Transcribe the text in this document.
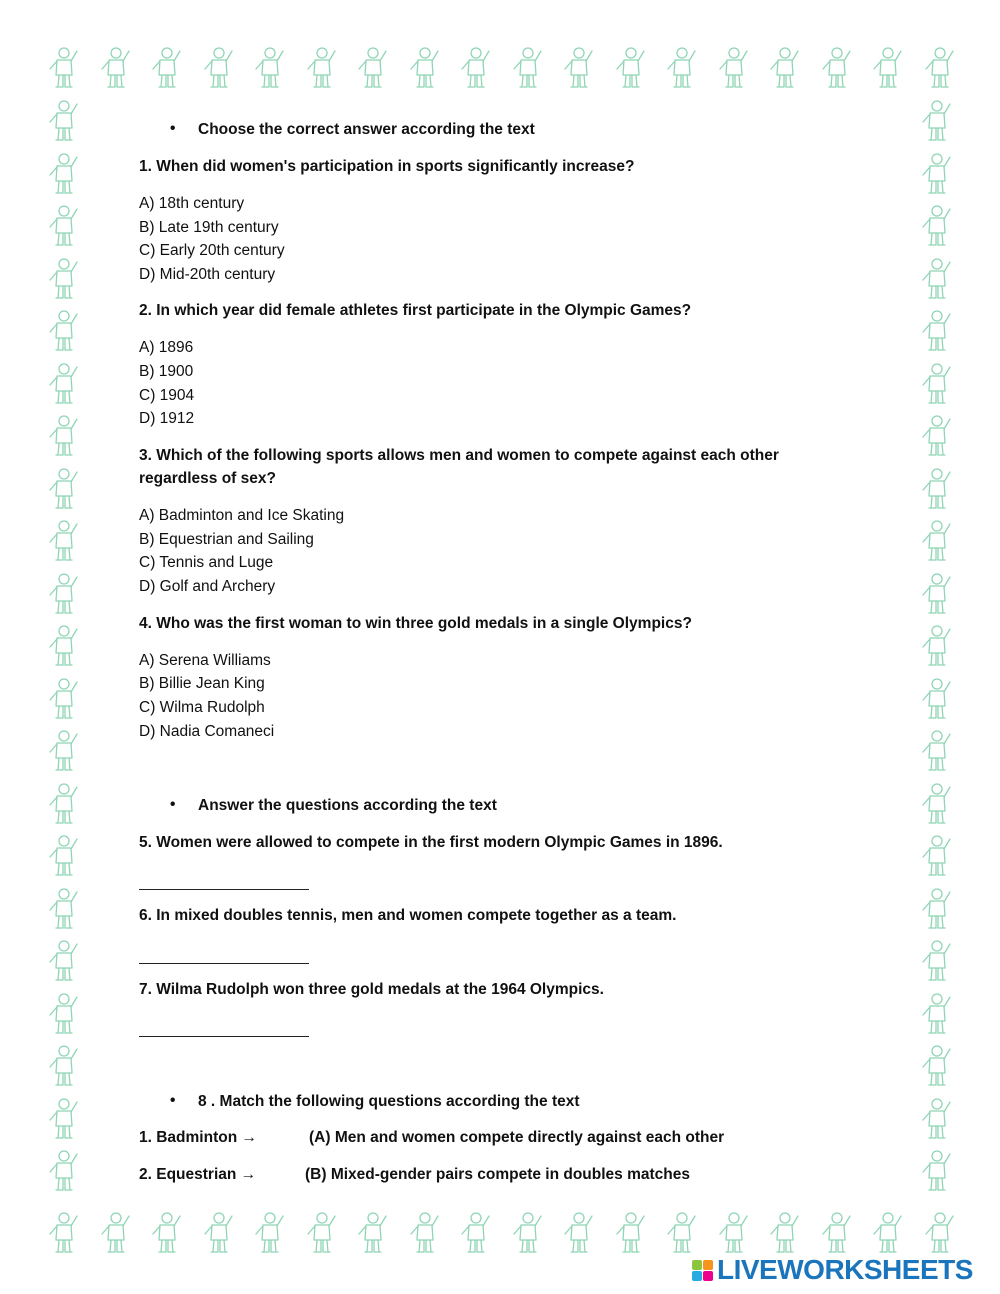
• Choose the correct answer according the text
1. When did women's participation in sports significantly increase?
A) 18th century
B) Late 19th century
C) Early 20th century
D) Mid-20th century
2. In which year did female athletes first participate in the Olympic Games?
A) 1896
B) 1900
C) 1904
D) 1912
3. Which of the following sports allows men and women to compete against each other
regardless of sex?
A) Badminton and Ice Skating
B) Equestrian and Sailing
C) Tennis and Luge
D) Golf and Archery
4. Who was the first woman to win three gold medals in a single Olympics?
A) Serena Williams
B) Billie Jean King
C) Wilma Rudolph
D) Nadia Comaneci
• Answer the questions according the text
5. Women were allowed to compete in the first modern Olympic Games in 1896.
6. In mixed doubles tennis, men and women compete together as a team.
7. Wilma Rudolph won three gold medals at the 1964 Olympics.
• 8 . Match the following questions according the text
1. Badminton →	(A) Men and women compete directly against each other
2. Equestrian →	(B) Mixed-gender pairs compete in doubles matches
LIVEWORKSHEETS
